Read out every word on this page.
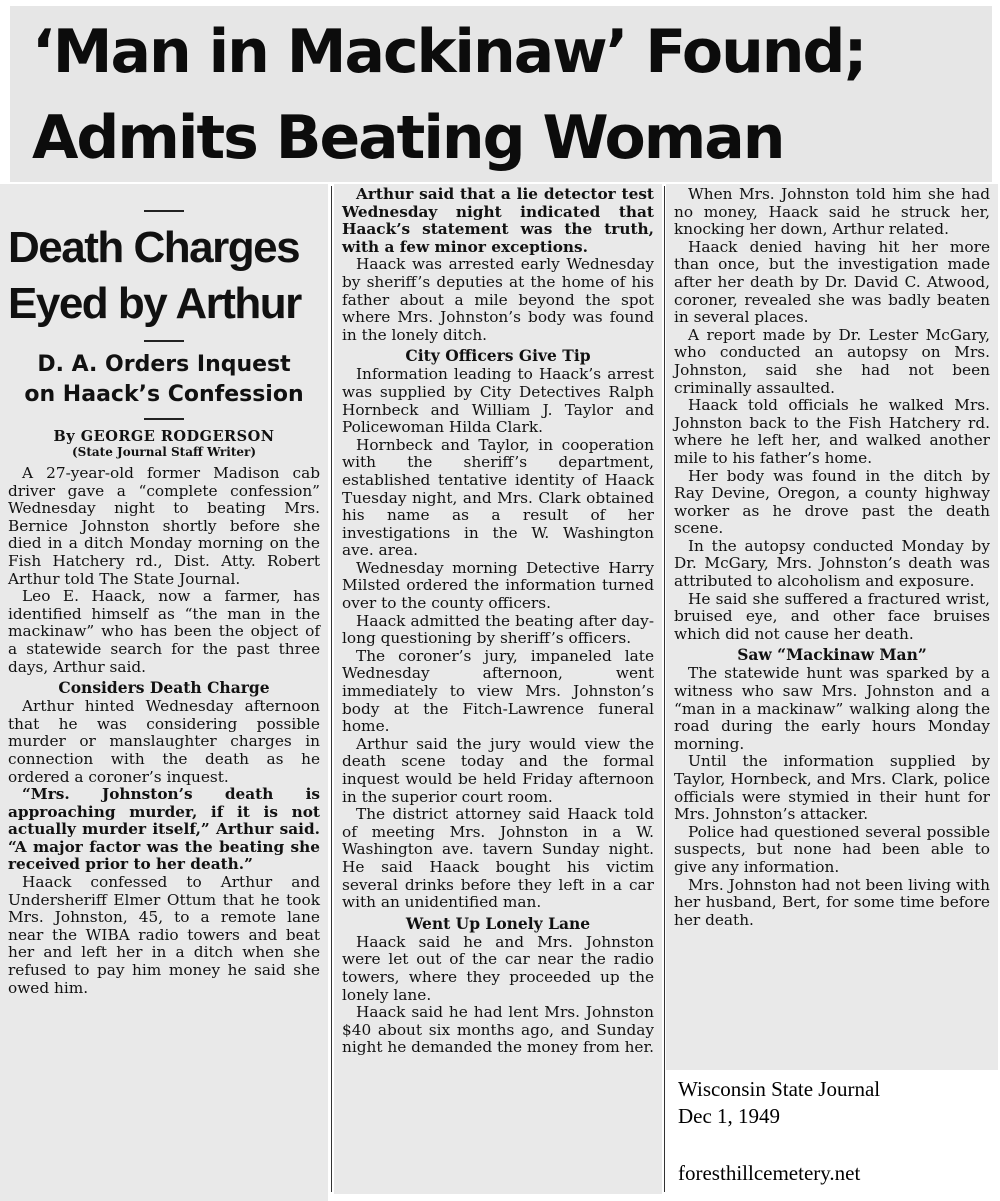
‘Man in Mackinaw’ Found;
Admits Beating Woman
Death Charges
Eyed by Arthur
D. A. Orders Inquest
on Haack’s Confession
By GEORGE RODGERSON
(State Journal Staff Writer)

A 27-year-old former Madison cab driver gave a “complete confession” Wednesday night to beating Mrs. Bernice Johnston shortly before she died in a ditch Monday morning on the Fish Hatchery rd., Dist. Atty. Robert Arthur told The State Journal.

Leo E. Haack, now a farmer, has identified himself as “the man in the mackinaw” who has been the object of a statewide search for the past three days, Arthur said.

Considers Death Charge

Arthur hinted Wednesday afternoon that he was considering possible murder or manslaughter charges in connection with the death as he ordered a coroner’s inquest.

“Mrs. Johnston’s death is approaching murder, if it is not actually murder itself,” Arthur said. “A major factor was the beating she received prior to her death.”

Haack confessed to Arthur and Undersheriff Elmer Ottum that he took Mrs. Johnston, 45, to a remote lane near the WIBA radio towers and beat her and left her in a ditch when she refused to pay him money he said she owed him.

Arthur said that a lie detector test Wednesday night indicated that Haack’s statement was the truth, with a few minor exceptions.

Haack was arrested early Wednesday by sheriff’s deputies at the home of his father about a mile beyond the spot where Mrs. Johnston’s body was found in the lonely ditch.

City Officers Give Tip

Information leading to Haack’s arrest was supplied by City Detectives Ralph Hornbeck and William J. Taylor and Policewoman Hilda Clark.

Hornbeck and Taylor, in cooperation with the sheriff’s department, established tentative identity of Haack Tuesday night, and Mrs. Clark obtained his name as a result of her investigations in the W. Washington ave. area.

Wednesday morning Detective Harry Milsted ordered the information turned over to the county officers.

Haack admitted the beating after day-long questioning by sheriff’s officers.

The coroner’s jury, impaneled late Wednesday afternoon, went immediately to view Mrs. Johnston’s body at the Fitch-Lawrence funeral home.

Arthur said the jury would view the death scene today and the formal inquest would be held Friday afternoon in the superior court room.

The district attorney said Haack told of meeting Mrs. Johnston in a W. Washington ave. tavern Sunday night. He said Haack bought his victim several drinks before they left in a car with an unidentified man.

Went Up Lonely Lane

Haack said he and Mrs. Johnston were let out of the car near the radio towers, where they proceeded up the lonely lane.

Haack said he had lent Mrs. Johnston $40 about six months ago, and Sunday night he demanded the money from her.

When Mrs. Johnston told him she had no money, Haack said he struck her, knocking her down, Arthur related.

Haack denied having hit her more than once, but the investigation made after her death by Dr. David C. Atwood, coroner, revealed she was badly beaten in several places.

A report made by Dr. Lester McGary, who conducted an autopsy on Mrs. Johnston, said she had not been criminally assaulted.

Haack told officials he walked Mrs. Johnston back to the Fish Hatchery rd. where he left her, and walked another mile to his father’s home.

Her body was found in the ditch by Ray Devine, Oregon, a county highway worker as he drove past the death scene.

In the autopsy conducted Monday by Dr. McGary, Mrs. Johnston’s death was attributed to alcoholism and exposure.

He said she suffered a fractured wrist, bruised eye, and other face bruises which did not cause her death.

Saw “Mackinaw Man”

The statewide hunt was sparked by a witness who saw Mrs. Johnston and a “man in a mackinaw” walking along the road during the early hours Monday morning.

Until the information supplied by Taylor, Hornbeck, and Mrs. Clark, police officials were stymied in their hunt for Mrs. Johnston’s attacker.

Police had questioned several possible suspects, but none had been able to give any information.

Mrs. Johnston had not been living with her husband, Bert, for some time before her death.

Wisconsin State Journal
Dec 1, 1949
foresthillcemetery.net
